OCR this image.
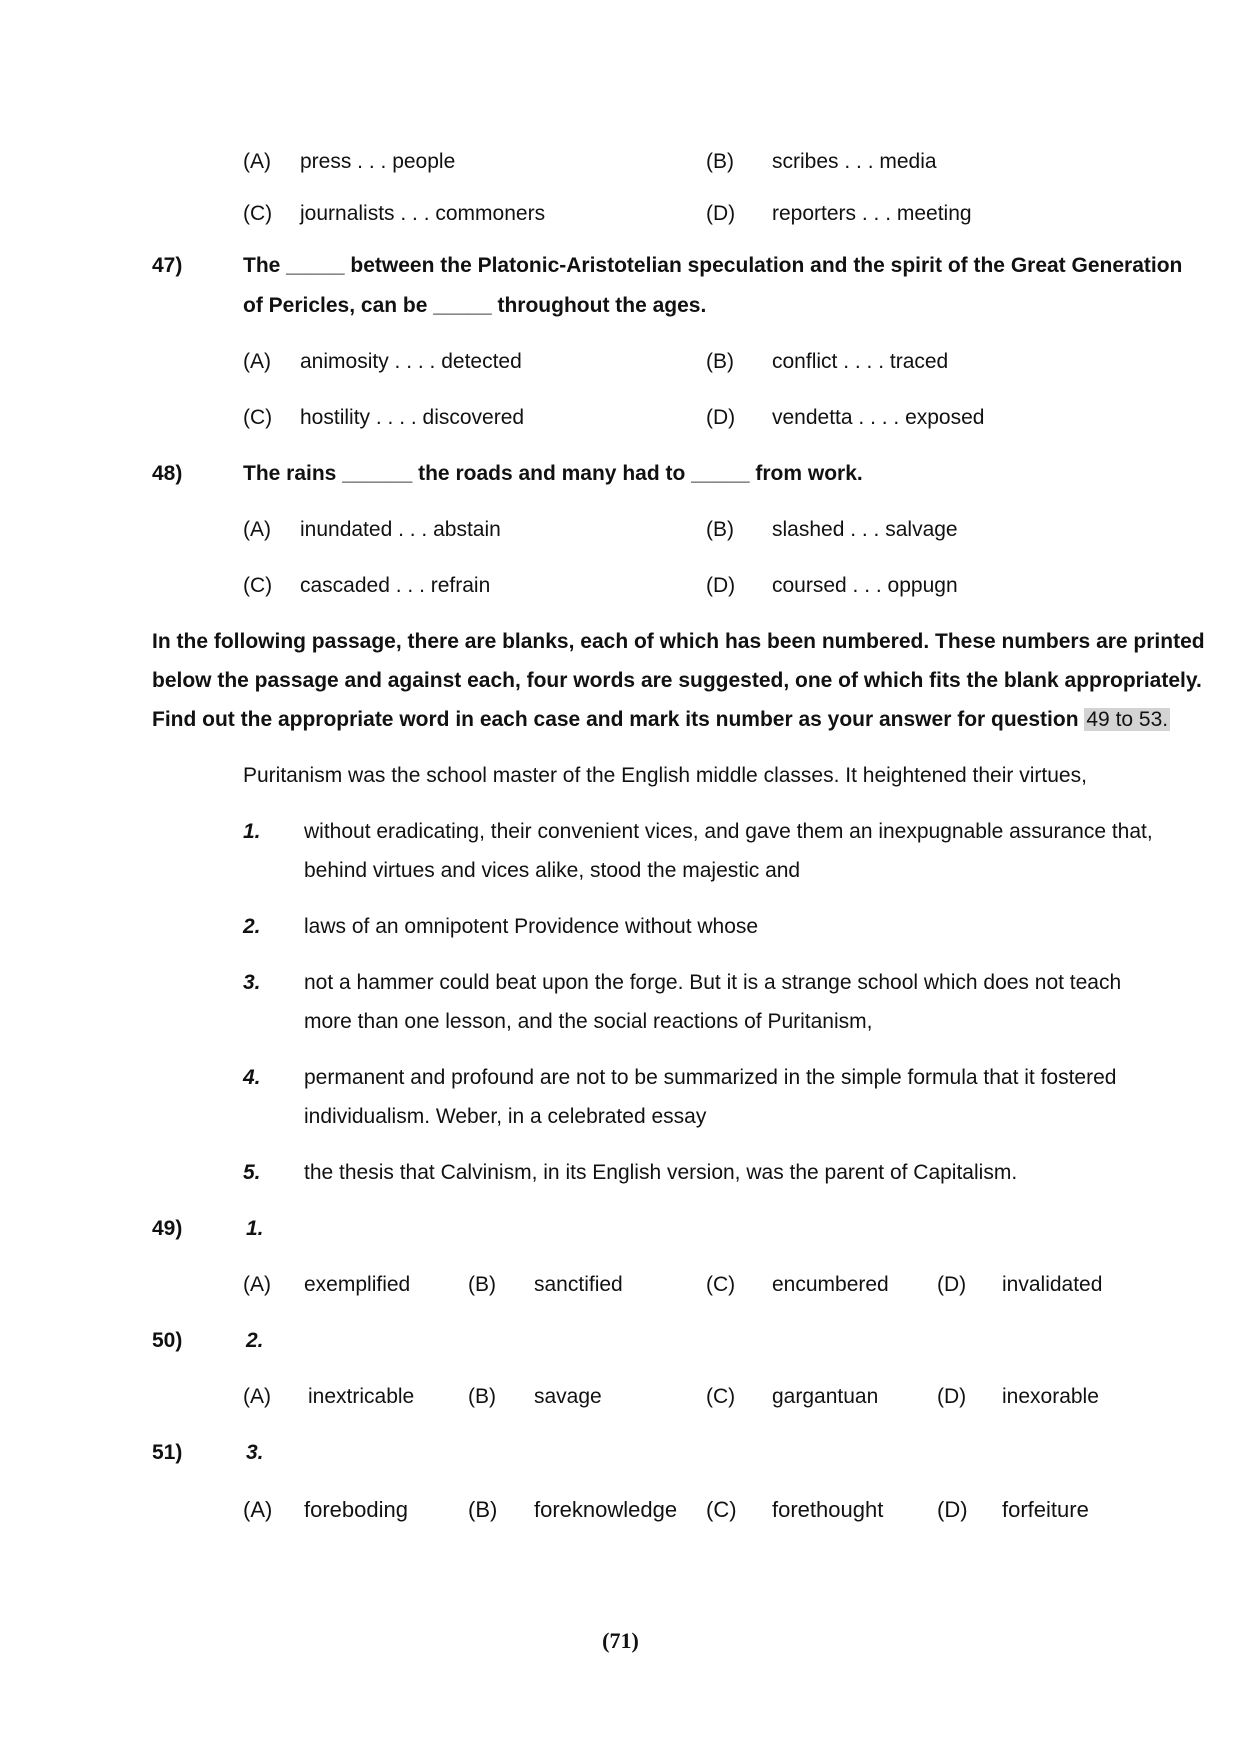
(A) press . . . people	(B) scribes . . . media
(C) journalists . . . commoners	(D) reporters . . . meeting
47)	The _____ between the Platonic-Aristotelian speculation and the spirit of the Great Generation
of Pericles, can be _____ throughout the ages.
(A) animosity . . . . detected	(B) conflict . . . . traced
(C) hostility . . . . discovered	(D) vendetta . . . . exposed
48)	The rains ______ the roads and many had to _____ from work.
(A) inundated . . . abstain	(B) slashed . . . salvage
(C) cascaded . . . refrain	(D) coursed . . . oppugn
In the following passage, there are blanks, each of which has been numbered. These numbers are printed
below the passage and against each, four words are suggested, one of which fits the blank appropriately.
Find out the appropriate word in each case and mark its number as your answer for question 49 to 53.
Puritanism was the school master of the English middle classes. It heightened their virtues,
1. without eradicating, their convenient vices, and gave them an inexpugnable assurance that,
behind virtues and vices alike, stood the majestic and
2. laws of an omnipotent Providence without whose
3. not a hammer could beat upon the forge. But it is a strange school which does not teach
more than one lesson, and the social reactions of Puritanism,
4. permanent and profound are not to be summarized in the simple formula that it fostered
individualism. Weber, in a celebrated essay
5. the thesis that Calvinism, in its English version, was the parent of Capitalism.
49)	1.
(A) exemplified	(B) sanctified	(C) encumbered (D) invalidated
50)	2.
(A) inextricable	(B) savage	(C) gargantuan	(D) inexorable
51)	3.
(A) foreboding	(B) foreknowledge (C) forethought (D) forfeiture
(71)
